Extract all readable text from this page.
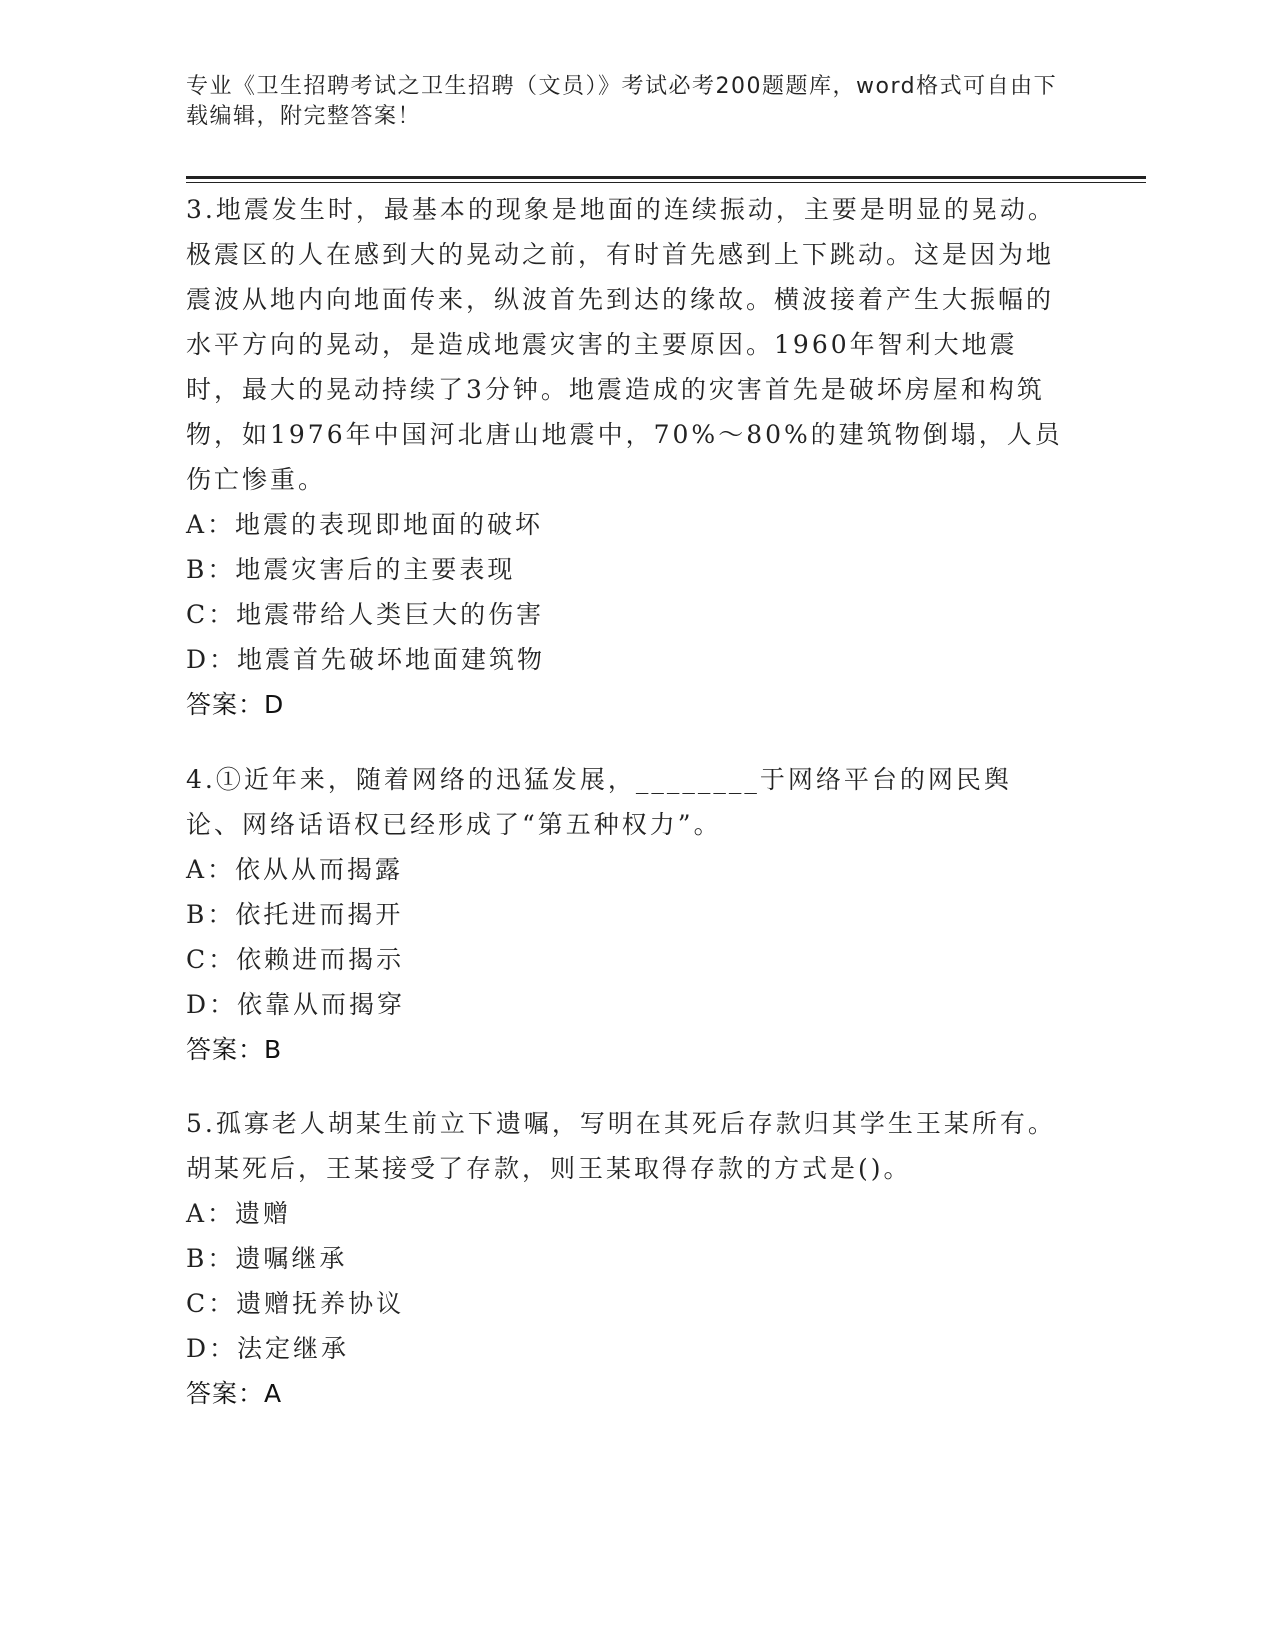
专业《卫生招聘考试之卫生招聘（文员）》考试必考200题题库，word格式可自由下载编辑，附完整答案！

3.地震发生时，最基本的现象是地面的连续振动，主要是明显的晃动。极震区的人在感到大的晃动之前，有时首先感到上下跳动。这是因为地震波从地内向地面传来，纵波首先到达的缘故。横波接着产生大振幅的水平方向的晃动，是造成地震灾害的主要原因。1960年智利大地震时，最大的晃动持续了3分钟。地震造成的灾害首先是破坏房屋和构筑物，如1976年中国河北唐山地震中，70%～80%的建筑物倒塌，人员伤亡惨重。

A：地震的表现即地面的破坏

B：地震灾害后的主要表现

C：地震带给人类巨大的伤害

D：地震首先破坏地面建筑物

答案：D

4.①近年来，随着网络的迅猛发展，________于网络平台的网民舆论、网络话语权已经形成了“第五种权力”。

A：依从从而揭露

B：依托进而揭开

C：依赖进而揭示

D：依靠从而揭穿

答案：B

5.孤寡老人胡某生前立下遗嘱，写明在其死后存款归其学生王某所有。胡某死后，王某接受了存款，则王某取得存款的方式是()。

A：遗赠

B：遗嘱继承

C：遗赠抚养协议

D：法定继承

答案：A
